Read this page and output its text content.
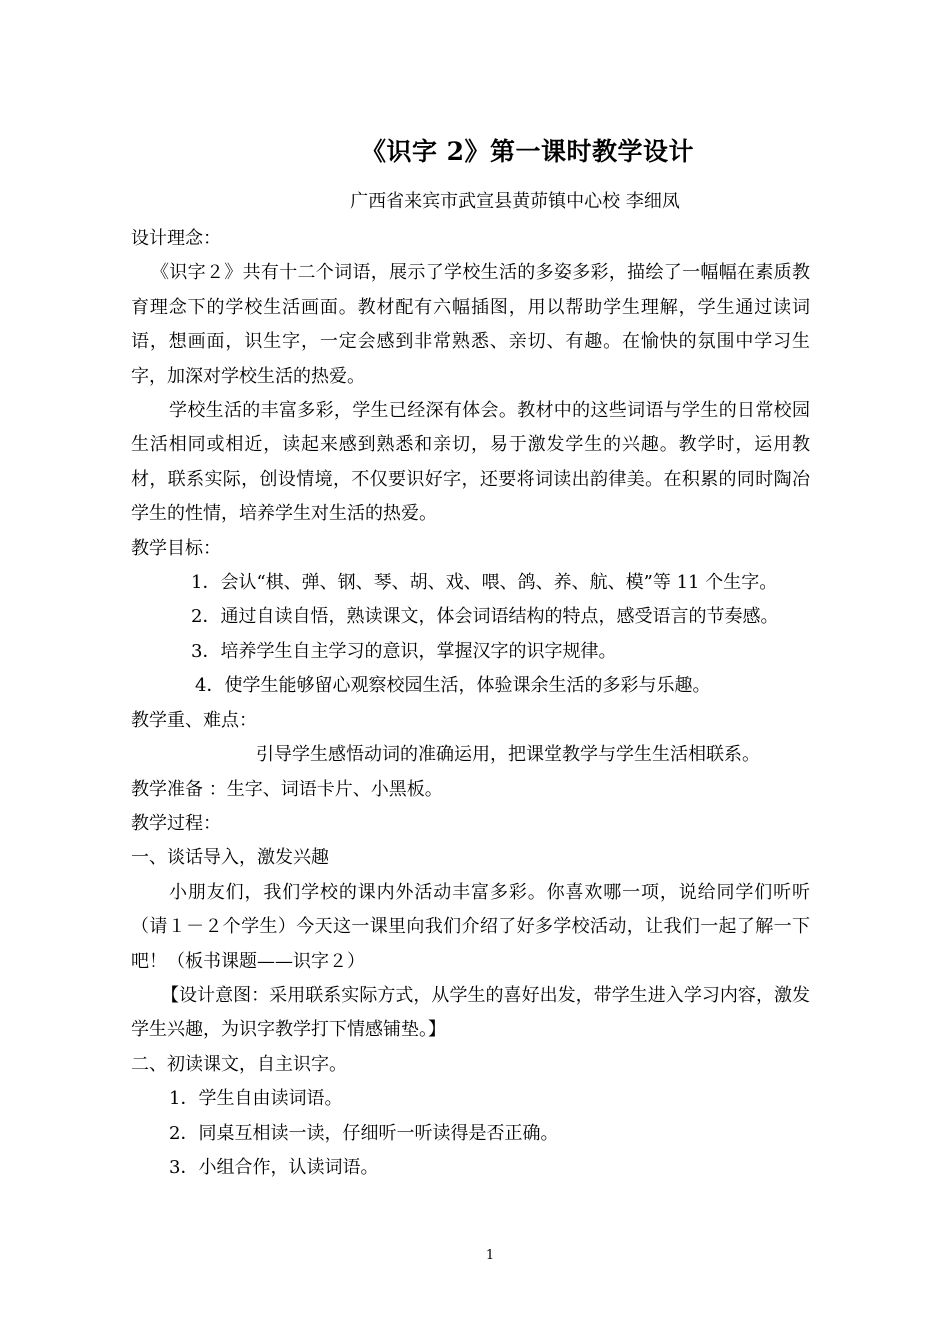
《识字 2》第一课时教学设计
广西省来宾市武宣县黄茆镇中心校 李细凤

设计理念：

《识字２》共有十二个词语，展示了学校生活的多姿多彩，描绘了一幅幅在素质教育理念下的学校生活画面。教材配有六幅插图，用以帮助学生理解，学生通过读词语，想画面，识生字，一定会感到非常熟悉、亲切、有趣。在愉快的氛围中学习生字，加深对学校生活的热爱。

学校生活的丰富多彩，学生已经深有体会。教材中的这些词语与学生的日常校园生活相同或相近，读起来感到熟悉和亲切，易于激发学生的兴趣。教学时，运用教材，联系实际，创设情境，不仅要识好字，还要将词读出韵律美。在积累的同时陶冶学生的性情，培养学生对生活的热爱。

教学目标：

1．会认“棋、弹、钢、琴、胡、戏、喂、鸽、养、航、模”等 11 个生字。

2．通过自读自悟，熟读课文，体会词语结构的特点，感受语言的节奏感。

3．培养学生自主学习的意识，掌握汉字的识字规律。

4．使学生能够留心观察校园生活，体验课余生活的多彩与乐趣。

教学重、难点：

引导学生感悟动词的准确运用，把课堂教学与学生生活相联系。

教学准备 ：生字、词语卡片、小黑板。

教学过程：

一、谈话导入，激发兴趣

小朋友们，我们学校的课内外活动丰富多彩。你喜欢哪一项，说给同学们听听（请１－２个学生）今天这一课里向我们介绍了好多学校活动，让我们一起了解一下吧！（板书课题——识字２）

【设计意图：采用联系实际方式，从学生的喜好出发，带学生进入学习内容，激发学生兴趣，为识字教学打下情感铺垫。】

二、初读课文，自主识字。

1．学生自由读词语。

2．同桌互相读一读，仔细听一听读得是否正确。

3．小组合作，认读词语。

1
